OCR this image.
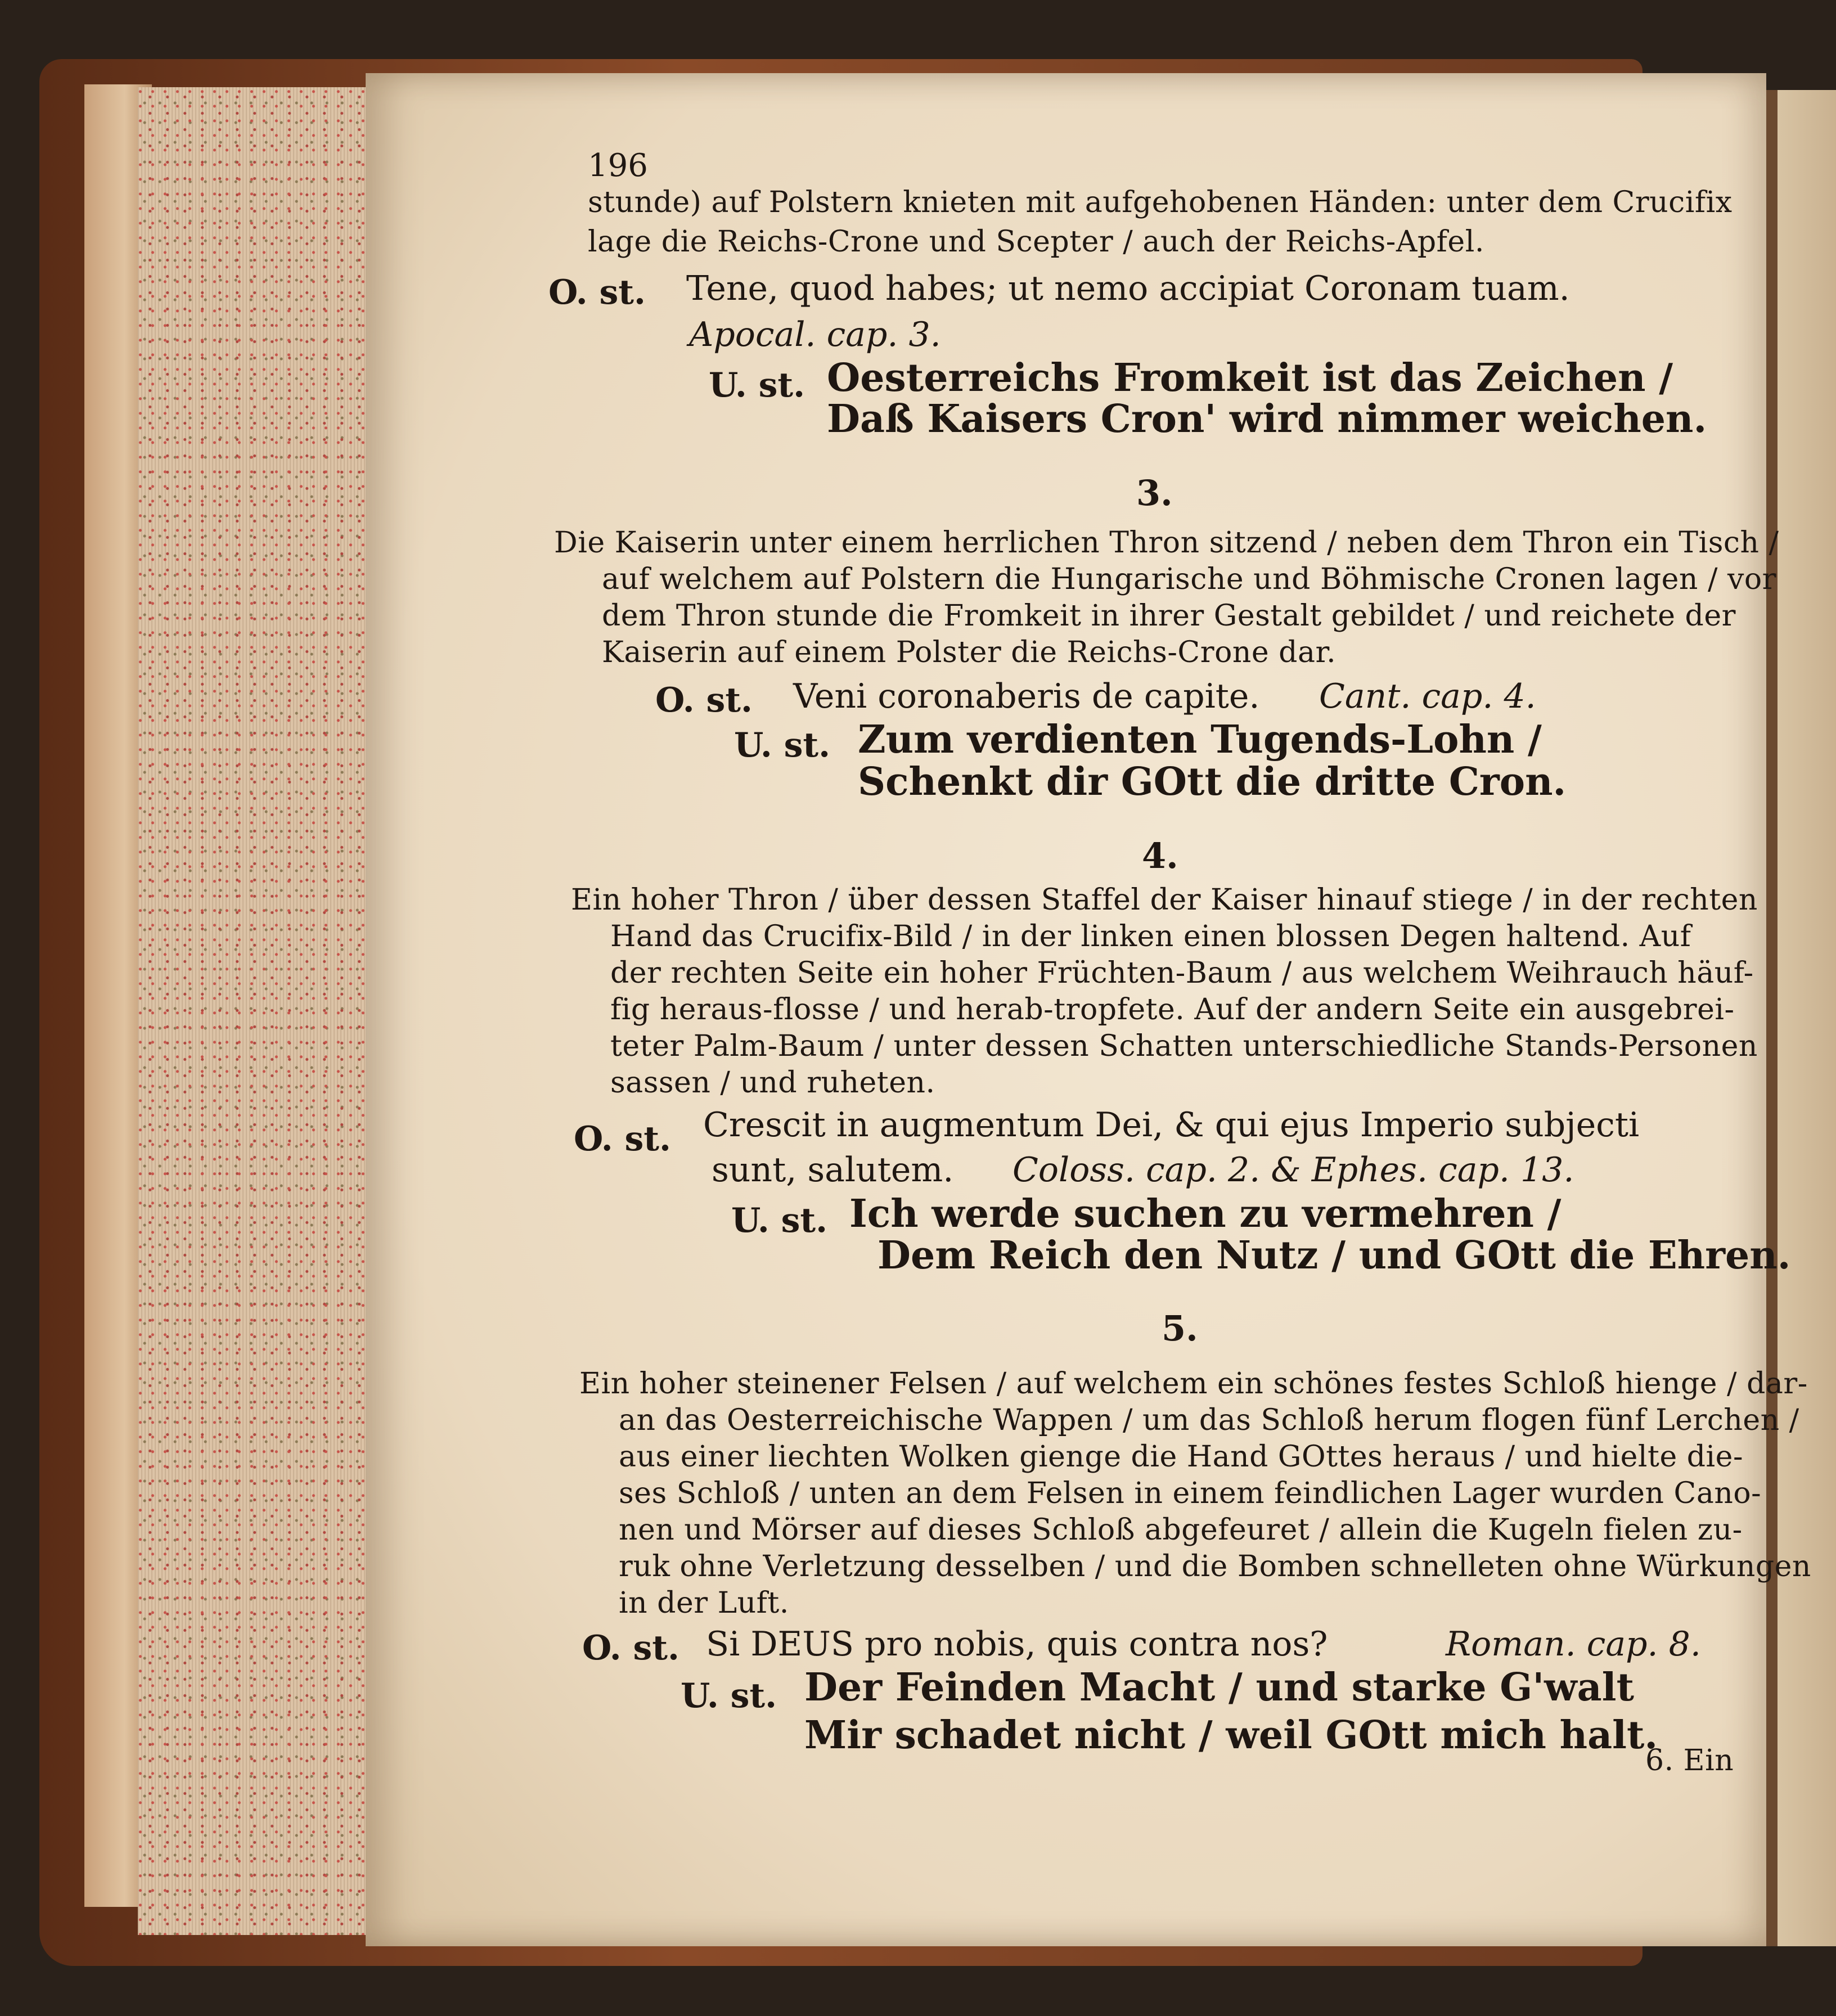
196
stunde) auf Polstern knieten mit aufgehobenen Händen: unter dem Crucifix
lage die Reichs-Crone und Scepter / auch der Reichs-Apfel.
O. st. Tene, quod habes; ut nemo accipiat Coronam tuam.
Apocal. cap. 3.
U. st. Oesterreichs Fromkeit ist das Zeichen /
Daß Kaisers Cron' wird nimmer weichen.
3.
Die Kaiserin unter einem herrlichen Thron sitzend / neben dem Thron ein Tisch /
auf welchem auf Polstern die Hungarische und Böhmische Cronen lagen / vor
dem Thron stunde die Fromkeit in ihrer Gestalt gebildet / und reichete der
Kaiserin auf einem Polster die Reichs-Crone dar.
O. st. Veni coronaberis de capite. Cant. cap. 4.
U. st. Zum verdienten Tugends-Lohn /
Schenkt dir GOtt die dritte Cron.
4.
Ein hoher Thron / über dessen Staffel der Kaiser hinauf stiege / in der rechten
Hand das Crucifix-Bild / in der linken einen blossen Degen haltend. Auf
der rechten Seite ein hoher Früchten-Baum / aus welchem Weihrauch häuf-
fig heraus-flosse / und herab-tropfete. Auf der andern Seite ein ausgebrei-
teter Palm-Baum / unter dessen Schatten unterschiedliche Stands-Personen
sassen / und ruheten.
O. st. Crescit in augmentum Dei, & qui ejus Imperio subjecti
sunt, salutem. Coloss. cap. 2. & Ephes. cap. 13.
U. st. Ich werde suchen zu vermehren /
Dem Reich den Nutz / und GOtt die Ehren.
5.
Ein hoher steinener Felsen / auf welchem ein schönes festes Schloß hienge / dar-
an das Oesterreichische Wappen / um das Schloß herum flogen fünf Lerchen /
aus einer liechten Wolken gienge die Hand GOttes heraus / und hielte die-
ses Schloß / unten an dem Felsen in einem feindlichen Lager wurden Cano-
nen und Mörser auf dieses Schloß abgefeuret / allein die Kugeln fielen zu-
ruk ohne Verletzung desselben / und die Bomben schnelleten ohne Würkungen
in der Luft.
O. st. Si DEUS pro nobis, quis contra nos?	Roman. cap. 8.
U. st. Der Feinden Macht / und starke G'walt
Mir schadet nicht / weil GOtt mich halt.
6. Ein
